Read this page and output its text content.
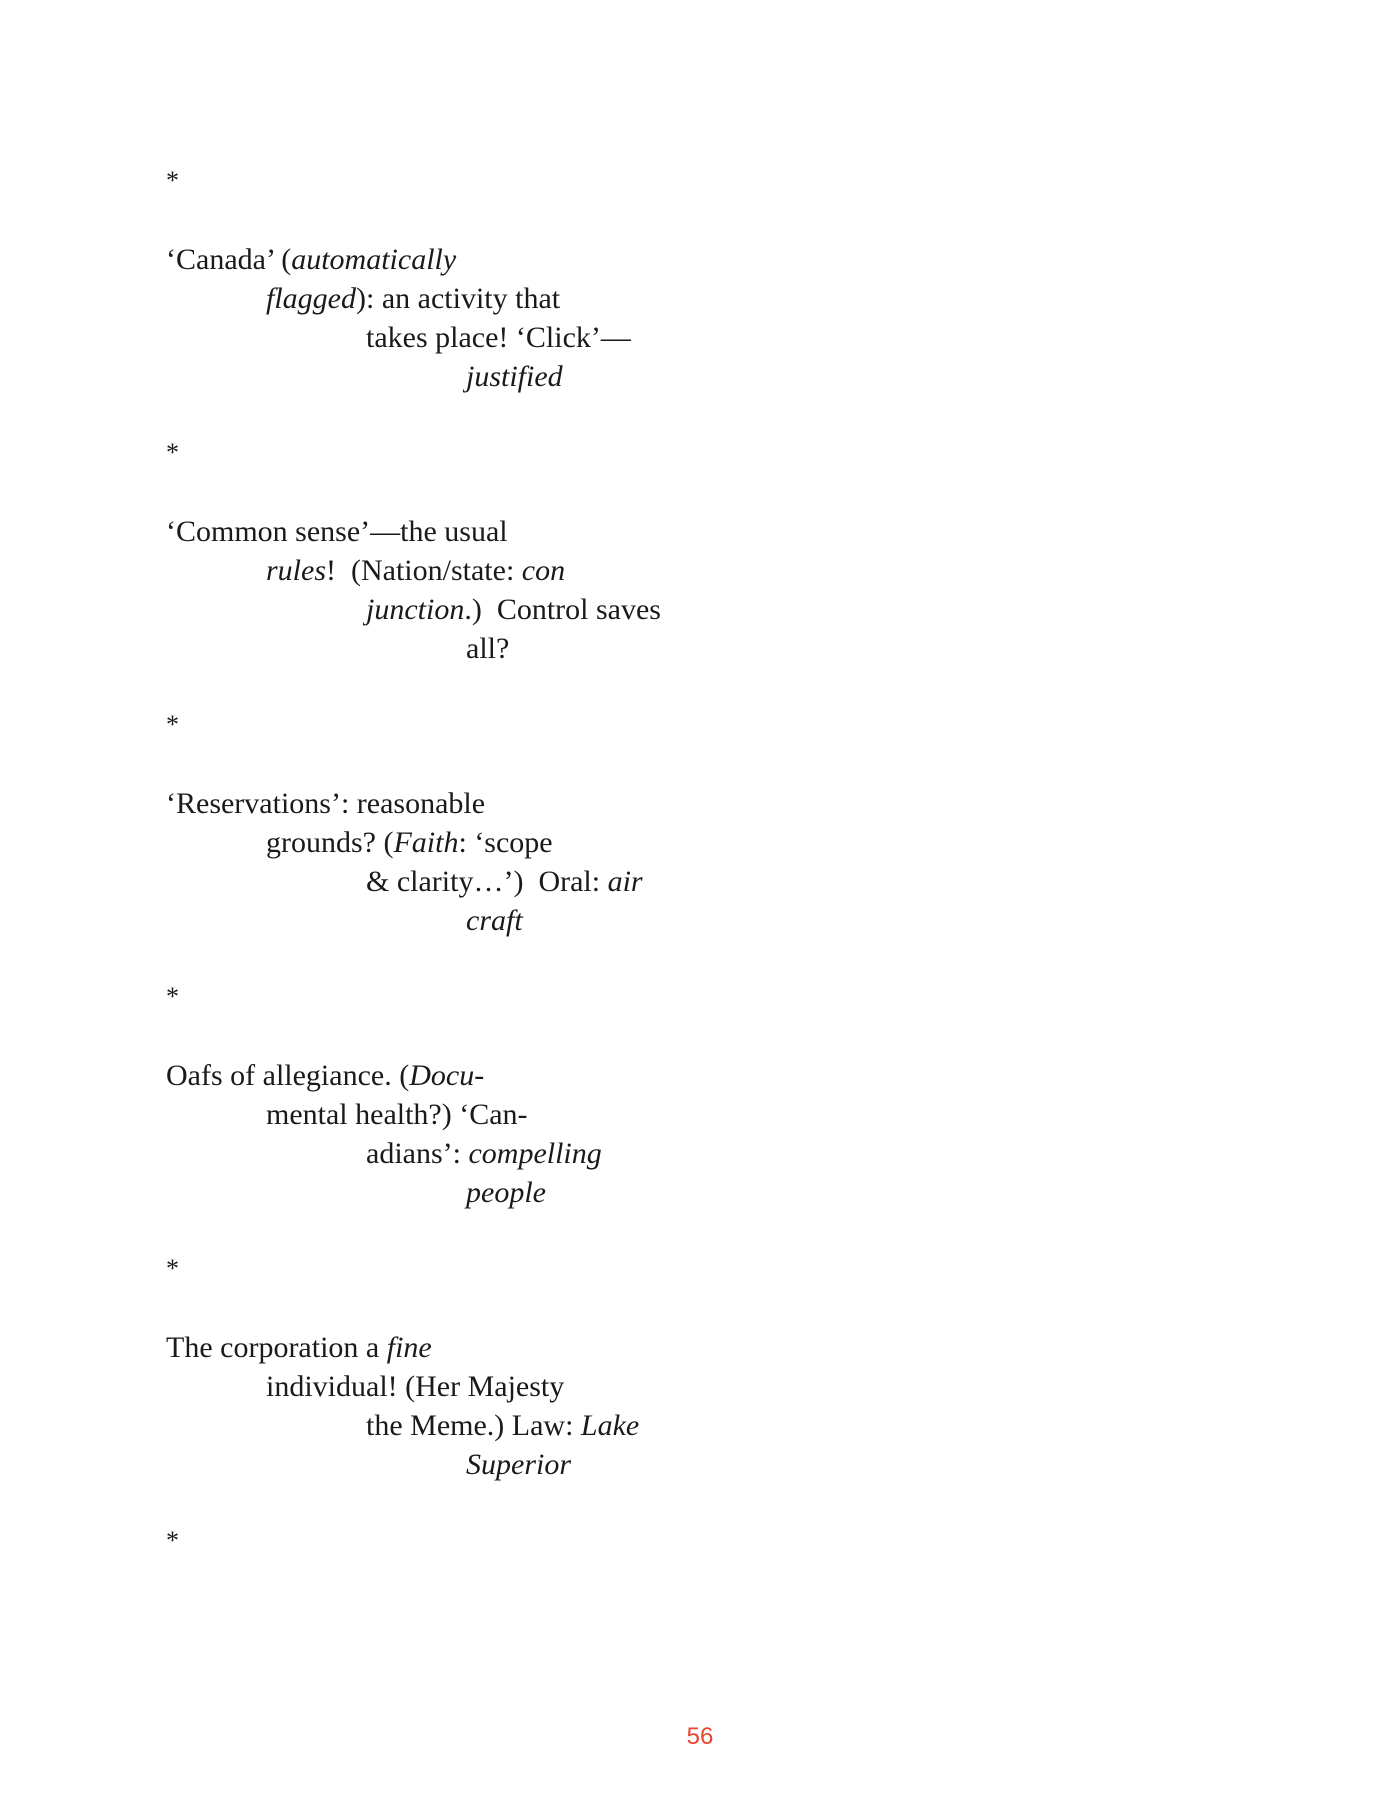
*
‘Canada’ (automatically
flagged): an activity that
takes place! ‘Click’—
justified
*
‘Common sense’—the usual
rules!  (Nation/state: con
junction.)  Control saves
all?
*
‘Reservations’: reasonable
grounds? (Faith: ‘scope
& clarity…’)  Oral: air
craft
*
Oafs of allegiance. (Docu-
mental health?) ‘Can-
adians’: compelling
people
*
The corporation a fine
individual! (Her Majesty
the Meme.) Law: Lake
Superior
*
56
